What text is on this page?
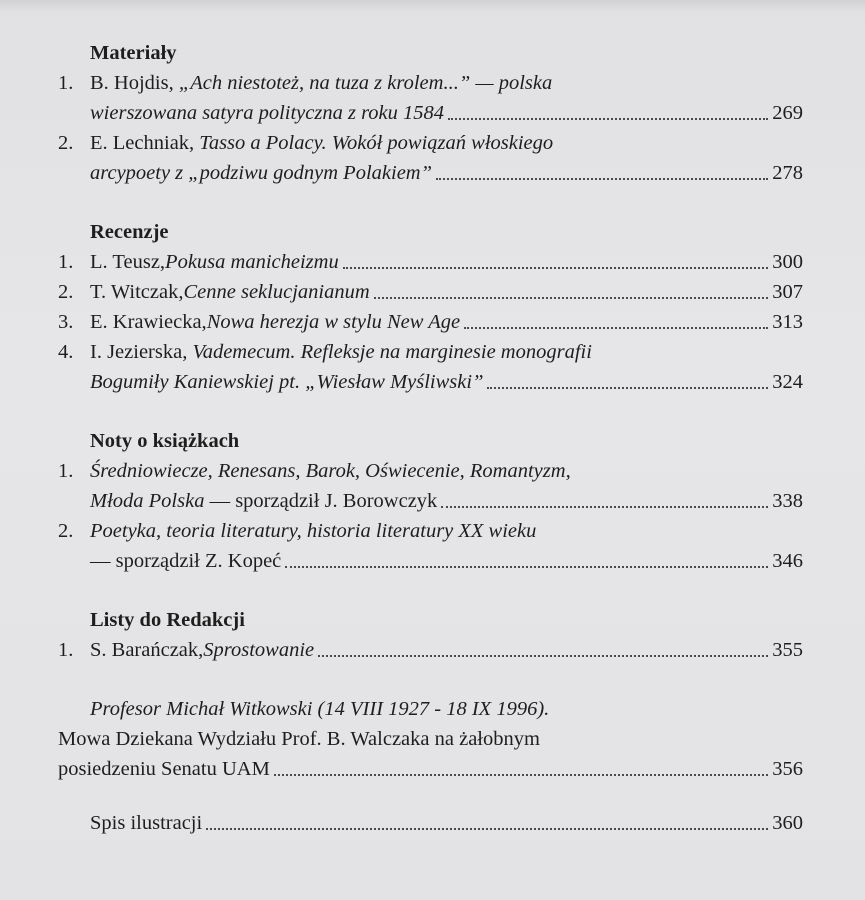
Materiały
1. B. Hojdis, „Ach niestoteż, na tuza z krolem...” — polska
wierszowana satyra polityczna z roku 1584	269
2. E. Lechniak, Tasso a Polacy. Wokół powiązań włoskiego
arcypoety z „podziwu godnym Polakiem”	278
Recenzje
1. L. Teusz, Pokusa manicheizmu	300
2. T. Witczak, Cenne seklucjanianum	307
3. E. Krawiecka, Nowa herezja w stylu New Age	313
4. I. Jezierska, Vademecum. Refleksje na marginesie monografii
Bogumiły Kaniewskiej pt. „Wiesław Myśliwski”	324
Noty o książkach
1. Średniowiecze, Renesans, Barok, Oświecenie, Romantyzm,
Młoda Polska — sporządził J. Borowczyk	338
2. Poetyka, teoria literatury, historia literatury XX wieku
— sporządził Z. Kopeć	346
Listy do Redakcji
1. S. Barańczak, Sprostowanie	355
Profesor Michał Witkowski (14 VIII 1927 - 18 IX 1996).
Mowa Dziekana Wydziału Prof. B. Walczaka na żałobnym
posiedzeniu Senatu UAM	356
Spis ilustracji	360
